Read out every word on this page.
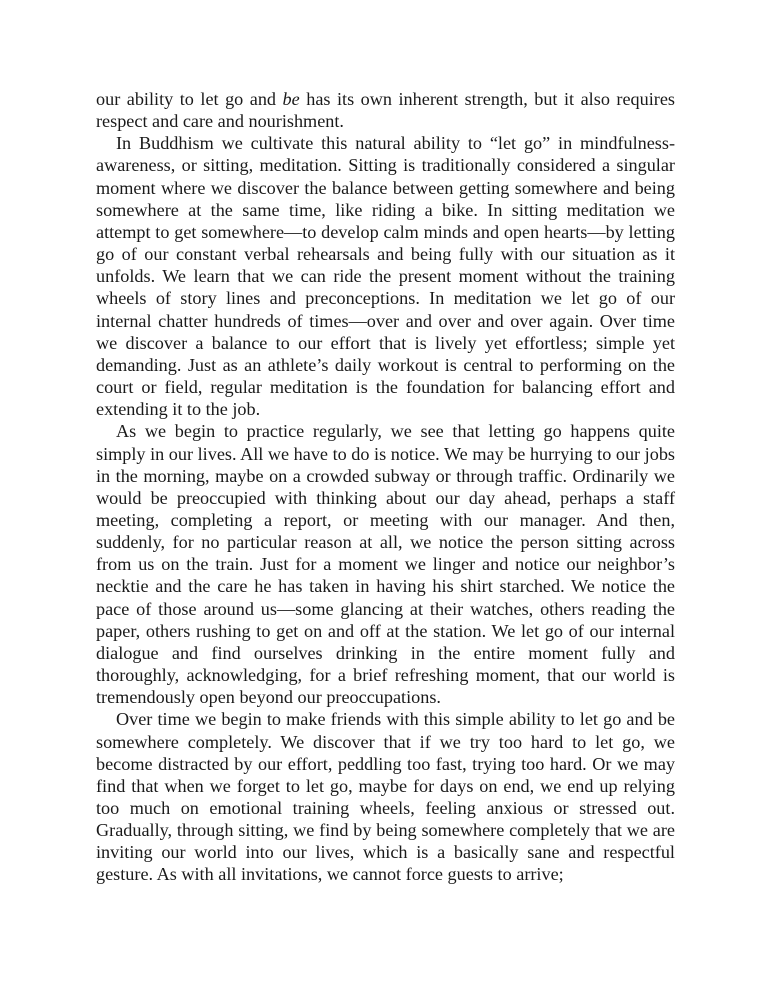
our ability to let go and be has its own inherent strength, but it also requires respect and care and nourishment.

In Buddhism we cultivate this natural ability to “let go” in mindfulness-awareness, or sitting, meditation. Sitting is traditionally considered a singular moment where we discover the balance between getting somewhere and being somewhere at the same time, like riding a bike. In sitting meditation we attempt to get somewhere—to develop calm minds and open hearts—by letting go of our constant verbal rehearsals and being fully with our situation as it unfolds. We learn that we can ride the present moment without the training wheels of story lines and preconceptions. In meditation we let go of our internal chatter hundreds of times—over and over and over again. Over time we discover a balance to our effort that is lively yet effortless; simple yet demanding. Just as an athlete’s daily workout is central to performing on the court or field, regular meditation is the foundation for balancing effort and extending it to the job.

As we begin to practice regularly, we see that letting go happens quite simply in our lives. All we have to do is notice. We may be hurrying to our jobs in the morning, maybe on a crowded subway or through traffic. Ordinarily we would be preoccupied with thinking about our day ahead, perhaps a staff meeting, completing a report, or meeting with our manager. And then, suddenly, for no particular reason at all, we notice the person sitting across from us on the train. Just for a moment we linger and notice our neighbor’s necktie and the care he has taken in having his shirt starched. We notice the pace of those around us—some glancing at their watches, others reading the paper, others rushing to get on and off at the station. We let go of our internal dialogue and find ourselves drinking in the entire moment fully and thoroughly, acknowledging, for a brief refreshing moment, that our world is tremendously open beyond our preoccupations.

Over time we begin to make friends with this simple ability to let go and be somewhere completely. We discover that if we try too hard to let go, we become distracted by our effort, peddling too fast, trying too hard. Or we may find that when we forget to let go, maybe for days on end, we end up relying too much on emotional training wheels, feeling anxious or stressed out. Gradually, through sitting, we find by being somewhere completely that we are inviting our world into our lives, which is a basically sane and respectful gesture. As with all invitations, we cannot force guests to arrive;
